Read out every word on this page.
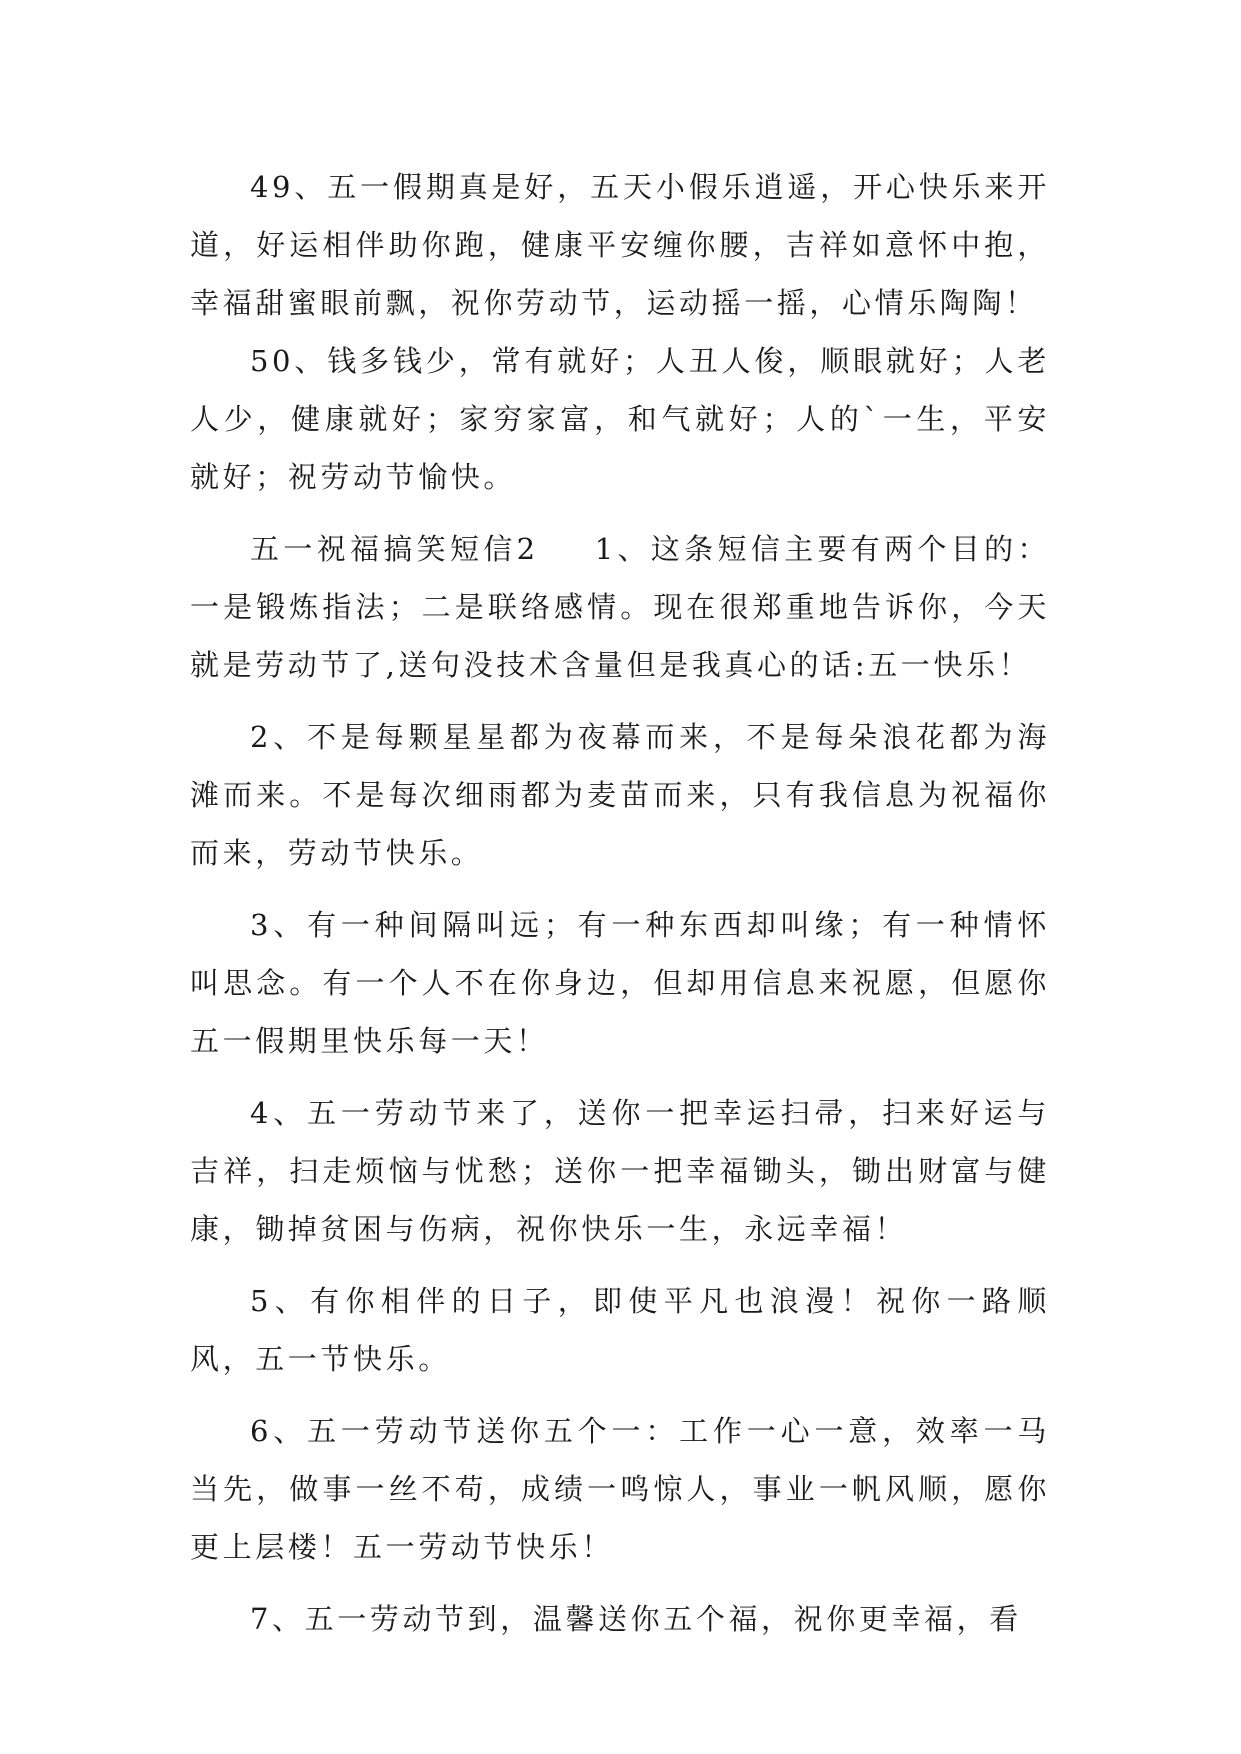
49、五一假期真是好，五天小假乐逍遥，开心快乐来开道，好运相伴助你跑，健康平安缠你腰，吉祥如意怀中抱，幸福甜蜜眼前飘，祝你劳动节，运动摇一摇，心情乐陶陶！

50、钱多钱少，常有就好；人丑人俊，顺眼就好；人老人少，健康就好；家穷家富，和气就好；人的`一生，平安就好；祝劳动节愉快。

五一祝福搞笑短信2 1、这条短信主要有两个目的：一是锻炼指法；二是联络感情。现在很郑重地告诉你，今天就是劳动节了,送句没技术含量但是我真心的话:五一快乐！

2、不是每颗星星都为夜幕而来，不是每朵浪花都为海滩而来。不是每次细雨都为麦苗而来，只有我信息为祝福你而来，劳动节快乐。

3、有一种间隔叫远；有一种东西却叫缘；有一种情怀叫思念。有一个人不在你身边，但却用信息来祝愿，但愿你五一假期里快乐每一天！

4、五一劳动节来了，送你一把幸运扫帚，扫来好运与吉祥，扫走烦恼与忧愁；送你一把幸福锄头，锄出财富与健康，锄掉贫困与伤病，祝你快乐一生，永远幸福！

5、有你相伴的日子，即使平凡也浪漫！祝你一路顺风，五一节快乐。

6、五一劳动节送你五个一：工作一心一意，效率一马当先，做事一丝不苟，成绩一鸣惊人，事业一帆风顺，愿你更上层楼！五一劳动节快乐！

7、五一劳动节到，温馨送你五个福，祝你更幸福，看
